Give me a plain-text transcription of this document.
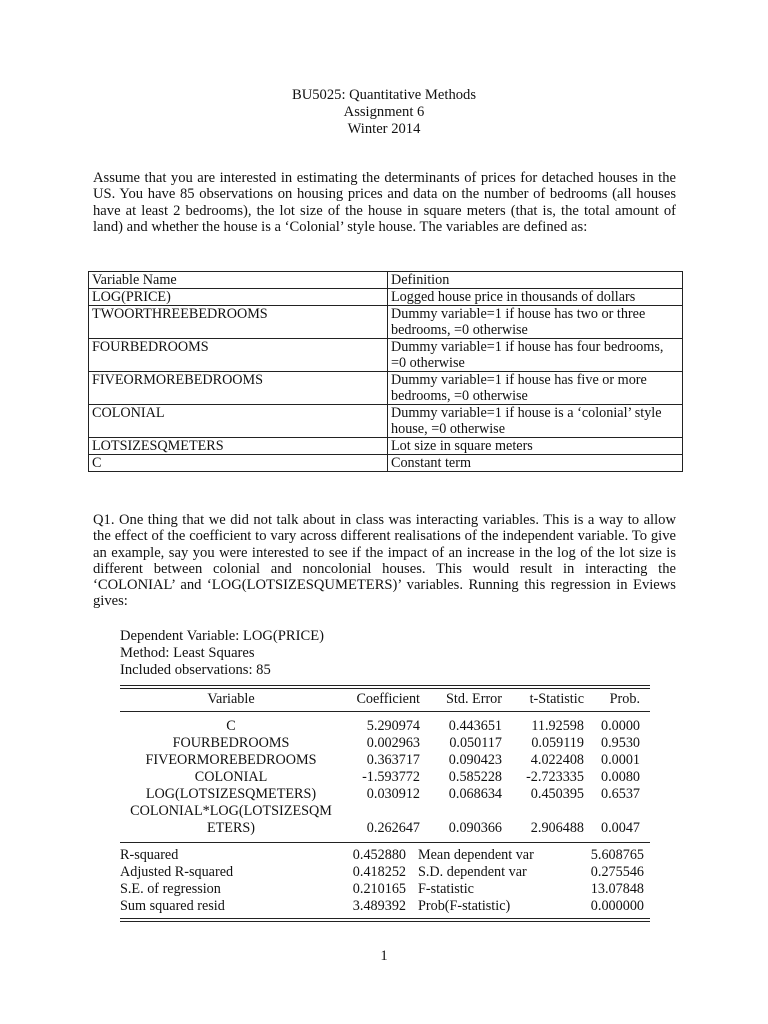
BU5025: Quantitative Methods
Assignment 6
Winter 2014
Assume that you are interested in estimating the determinants of prices for detached houses in the US. You have 85 observations on housing prices and data on the number of bedrooms (all houses have at least 2 bedrooms), the lot size of the house in square meters (that is, the total amount of land) and whether the house is a ‘Colonial’ style house. The variables are defined as:
Variable Name	Definition
LOG(PRICE)	Logged house price in thousands of dollars
TWOORTHREEBEDROOMS	Dummy variable=1 if house has two or three bedrooms, =0 otherwise
FOURBEDROOMS	Dummy variable=1 if house has four bedrooms, =0 otherwise
FIVEORMOREBEDROOMS	Dummy variable=1 if house has five or more bedrooms, =0 otherwise
COLONIAL	Dummy variable=1 if house is a ‘colonial’ style house, =0 otherwise
LOTSIZESQMETERS	Lot size in square meters
C	Constant term
Q1. One thing that we did not talk about in class was interacting variables. This is a way to allow the effect of the coefficient to vary across different realisations of the independent variable. To give an example, say you were interested to see if the impact of an increase in the log of the lot size is different between colonial and noncolonial houses. This would result in interacting the ‘COLONIAL’ and ‘LOG(LOTSIZESQUMETERS)’ variables. Running this regression in Eviews gives:
Dependent Variable: LOG(PRICE)
Method: Least Squares
Included observations: 85
Variable	Coefficient	Std. Error	t-Statistic	Prob.
C	5.290974	0.443651	11.92598	0.0000
FOURBEDROOMS	0.002963	0.050117	0.059119	0.9530
FIVEORMOREBEDROOMS	0.363717	0.090423	4.022408	0.0001
COLONIAL	-1.593772	0.585228	-2.723335	0.0080
LOG(LOTSIZESQMETERS)	0.030912	0.068634	0.450395	0.6537
COLONIAL*LOG(LOTSIZESQM				
ETERS)	0.262647	0.090366	2.906488	0.0047
R-squared	0.452880	Mean dependent var	5.608765
Adjusted R-squared	0.418252	S.D. dependent var	0.275546
S.E. of regression	0.210165	F-statistic	13.07848
Sum squared resid	3.489392	Prob(F-statistic)	0.000000
1
